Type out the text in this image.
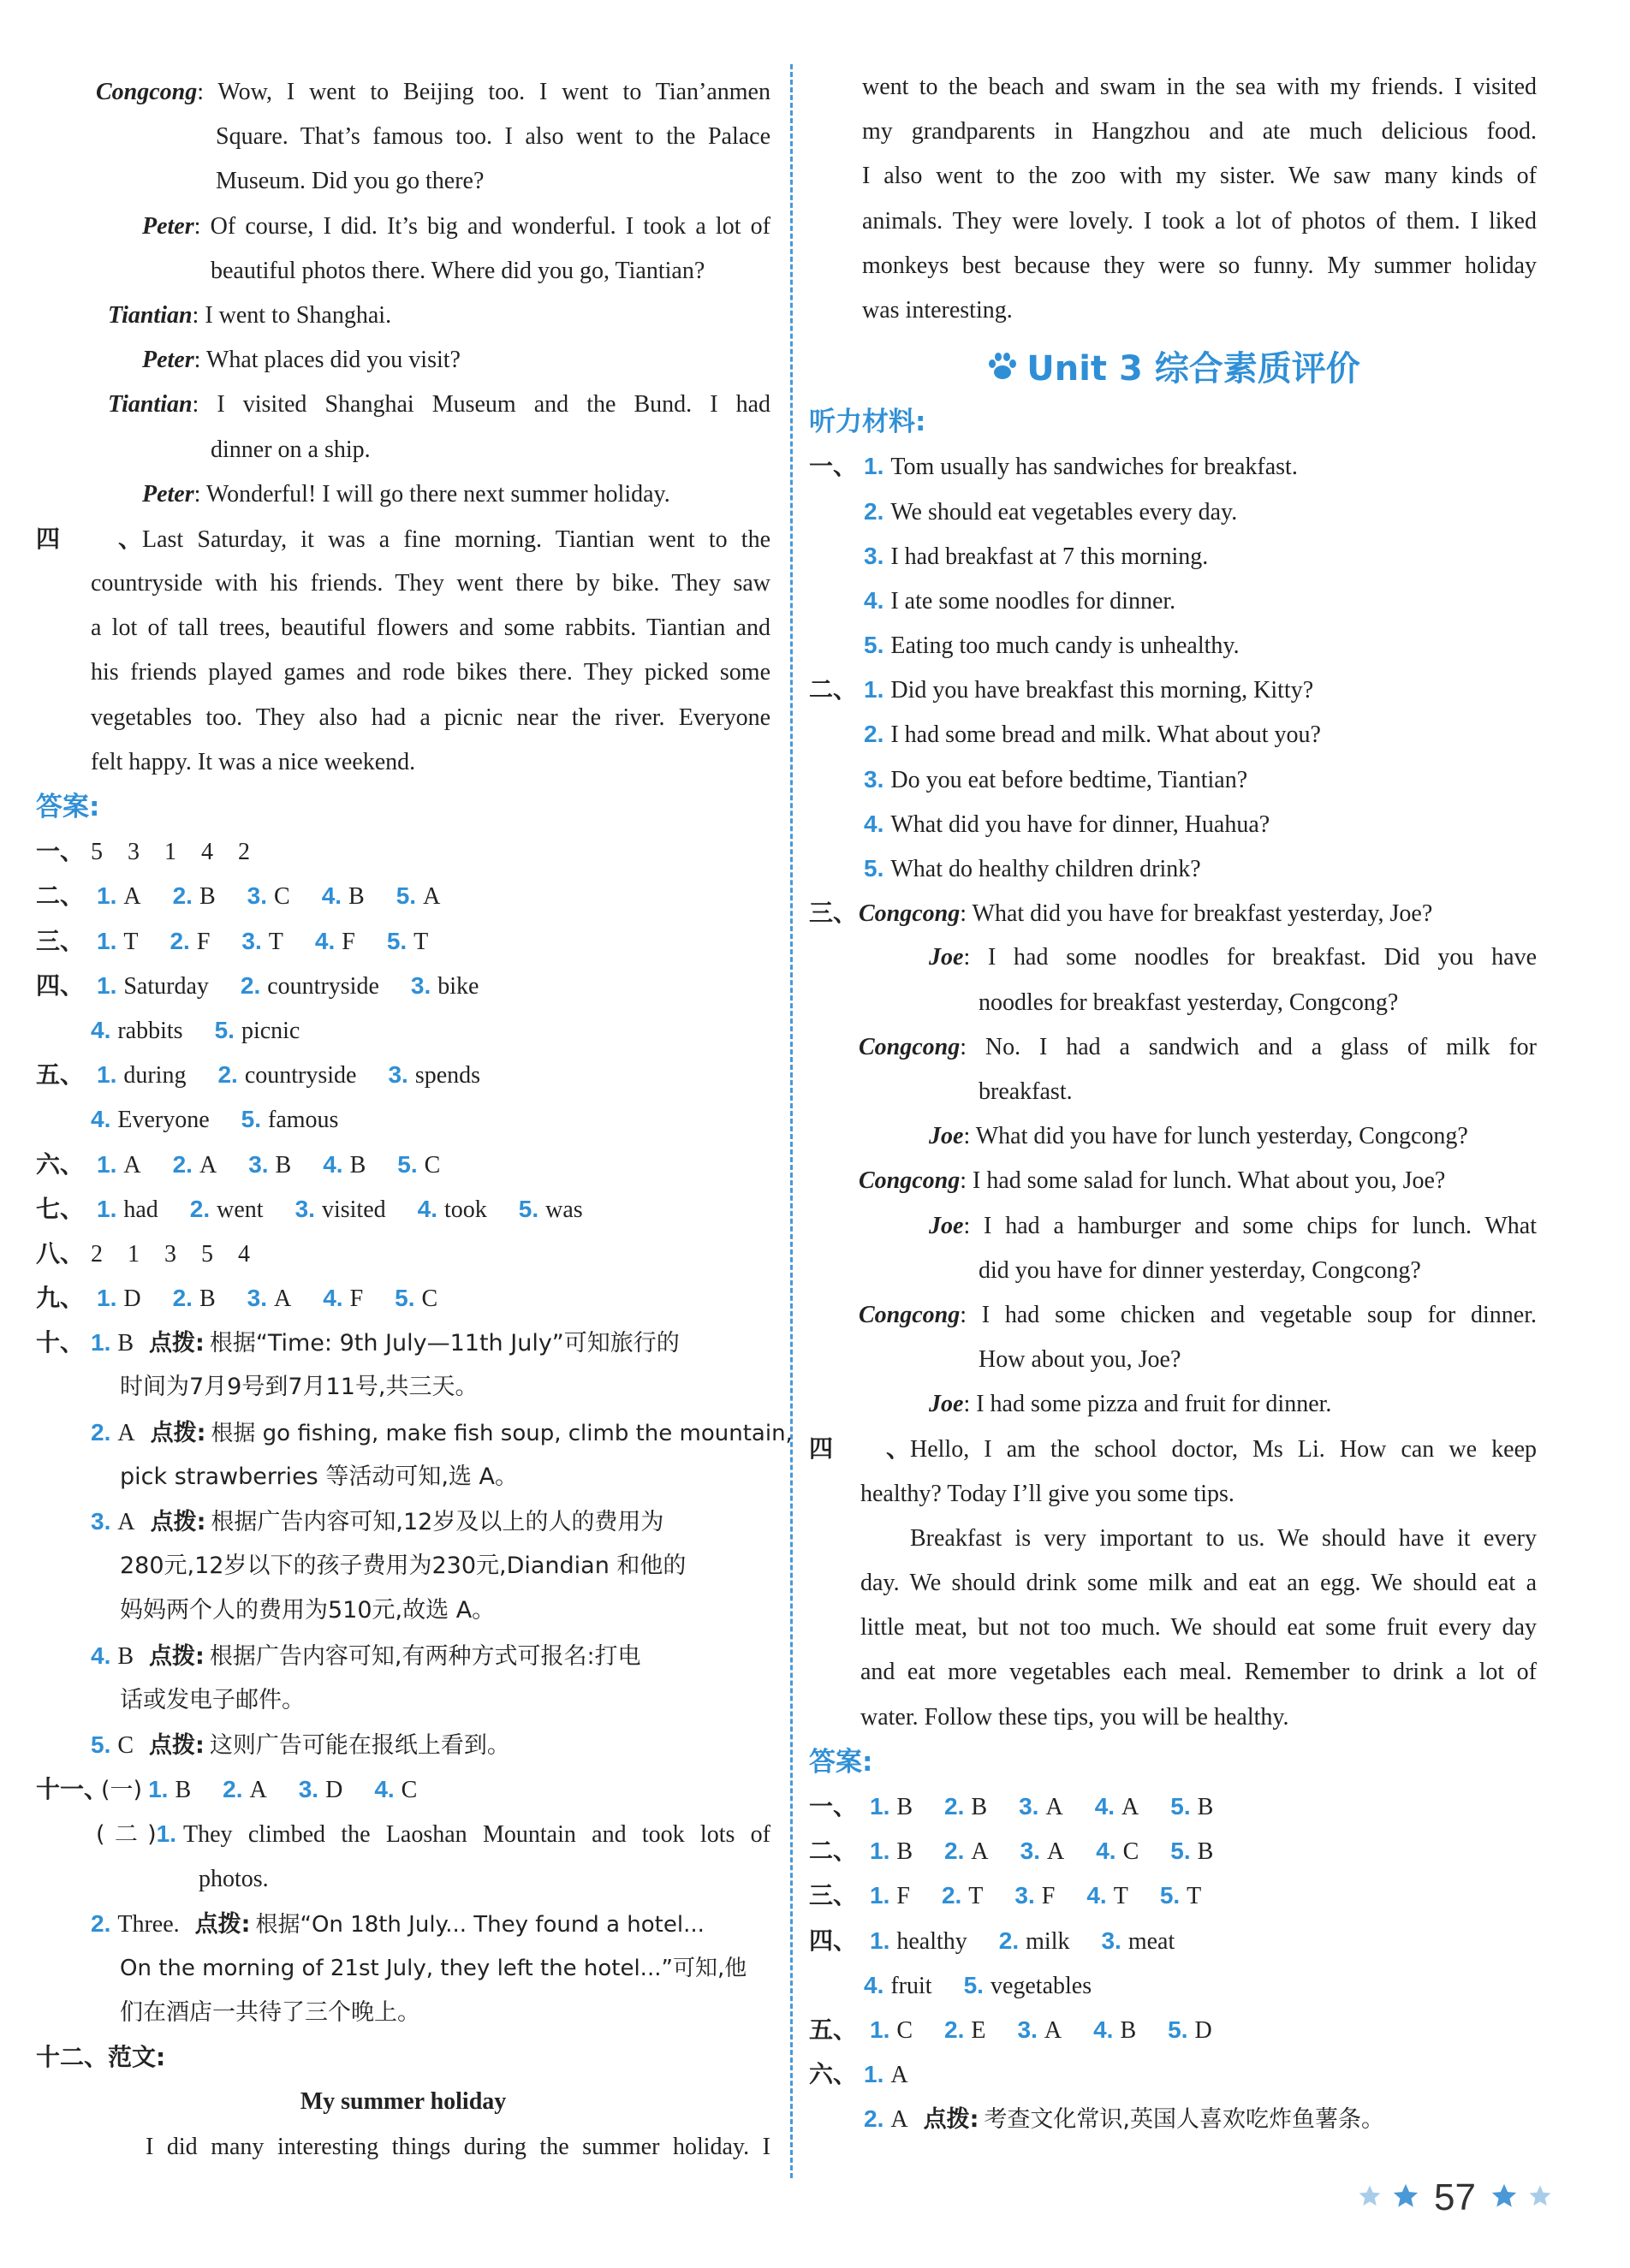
Congcong: Wow, I went to Beijing too. I went to Tian’anmen
Square. That’s famous too. I also went to the Palace
Museum. Did you go there?
Peter: Of course, I did. It’s big and wonderful. I took a lot of
beautiful photos there. Where did you go, Tiantian?
Tiantian: I went to Shanghai.
Peter: What places did you visit?
Tiantian: I visited Shanghai Museum and the Bund. I had
dinner on a ship.
Peter: Wonderful! I will go there next summer holiday.
四、Last Saturday, it was a fine morning. Tiantian went to the
countryside with his friends. They went there by bike. They saw
a lot of tall trees, beautiful flowers and some rabbits. Tiantian and
his friends played games and rode bikes there. They picked some
vegetables too. They also had a picnic near the river. Everyone
felt happy. It was a nice weekend.
答案:
一、 5 3 1 4 2
二、 1. A 2. B 3. C 4. B 5. A
三、 1. T 2. F 3. T 4. F 5. T
四、 1. Saturday 2. countryside 3. bike
4. rabbits 5. picnic
五、 1. during 2. countryside 3. spends
4. Everyone 5. famous
六、 1. A 2. A 3. B 4. B 5. C
七、 1. had 2. went 3. visited 4. took 5. was
八、 2 1 3 5 4
九、 1. D 2. B 3. A 4. F 5. C
十、 1. B 点拨: 根据“Time: 9th July—11th July”可知旅行的
时间为7月9号到7月11号,共三天。
2. A 点拨: 根据 go fishing, make fish soup, climb the mountain,
pick strawberries 等活动可知,选 A。
3. A 点拨: 根据广告内容可知,12岁及以上的人的费用为
280元,12岁以下的孩子费用为230元,Diandian 和他的
妈妈两个人的费用为510元,故选 A。
4. B 点拨: 根据广告内容可知,有两种方式可报名:打电
话或发电子邮件。
5. C 点拨: 这则广告可能在报纸上看到。
十一、(一) 1. B 2. A 3. D 4. C
(二)1. They climbed the Laoshan Mountain and took lots of
photos.
2. Three. 点拨: 根据“On 18th July... They found a hotel...
On the morning of 21st July, they left the hotel...”可知,他
们在酒店一共待了三个晚上。
十二、范文:
My summer holiday
I did many interesting things during the summer holiday. I
went to the beach and swam in the sea with my friends. I visited
my grandparents in Hangzhou and ate much delicious food.
I also went to the zoo with my sister. We saw many kinds of
animals. They were lovely. I took a lot of photos of them. I liked
monkeys best because they were so funny. My summer holiday
was interesting.
Unit 3 综合素质评价
听力材料:
一、 1. Tom usually has sandwiches for breakfast.
2. We should eat vegetables every day.
3. I had breakfast at 7 this morning.
4. I ate some noodles for dinner.
5. Eating too much candy is unhealthy.
二、 1. Did you have breakfast this morning, Kitty?
2. I had some bread and milk. What about you?
3. Do you eat before bedtime, Tiantian?
4. What did you have for dinner, Huahua?
5. What do healthy children drink?
三、Congcong: What did you have for breakfast yesterday, Joe?
Joe: I had some noodles for breakfast. Did you have
noodles for breakfast yesterday, Congcong?
Congcong: No. I had a sandwich and a glass of milk for
breakfast.
Joe: What did you have for lunch yesterday, Congcong?
Congcong: I had some salad for lunch. What about you, Joe?
Joe: I had a hamburger and some chips for lunch. What
did you have for dinner yesterday, Congcong?
Congcong: I had some chicken and vegetable soup for dinner.
How about you, Joe?
Joe: I had some pizza and fruit for dinner.
四、Hello, I am the school doctor, Ms Li. How can we keep
healthy? Today I’ll give you some tips.
Breakfast is very important to us. We should have it every
day. We should drink some milk and eat an egg. We should eat a
little meat, but not too much. We should eat some fruit every day
and eat more vegetables each meal. Remember to drink a lot of
water. Follow these tips, you will be healthy.
答案:
一、 1. B 2. B 3. A 4. A 5. B
二、 1. B 2. A 3. A 4. C 5. B
三、 1. F 2. T 3. F 4. T 5. T
四、 1. healthy 2. milk 3. meat
4. fruit 5. vegetables
五、 1. C 2. E 3. A 4. B 5. D
六、 1. A
2. A 点拨: 考查文化常识,英国人喜欢吃炸鱼薯条。
57
